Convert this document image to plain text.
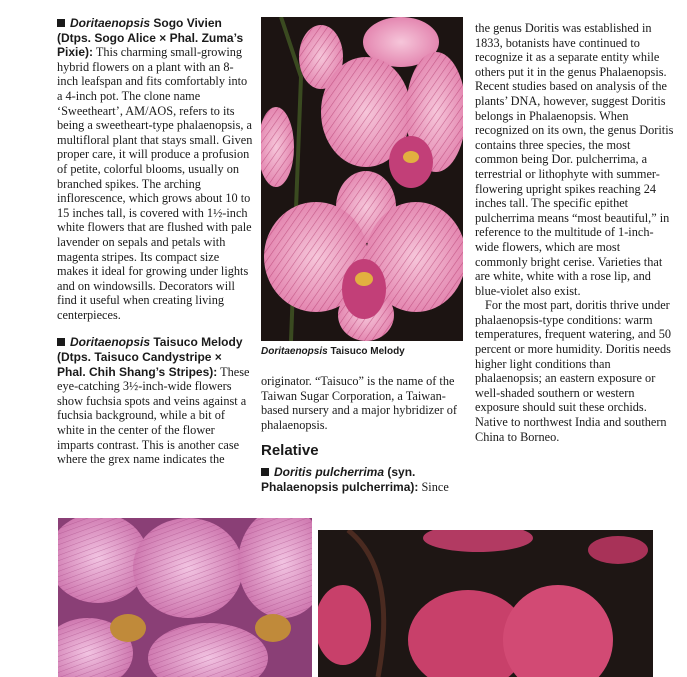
Doritaenopsis Sogo Vivien (Dtps. Sogo Alice × Phal. Zuma’s Pixie): This charming small-growing hybrid flowers on a plant with an 8-inch leafspan and fits comfortably into a 4-inch pot. The clone name ‘Sweetheart’, AM/AOS, refers to its being a sweetheart-type phalaenopsis, a multifloral plant that stays small. Given proper care, it will produce a profusion of petite, colorful blooms, usually on branched spikes. The arching inflorescence, which grows about 10 to 15 inches tall, is covered with 1½-inch white flowers that are flushed with pale lavender on sepals and petals with magenta stripes. Its compact size makes it ideal for growing under lights and on windowsills. Decorators will find it useful when creating living centerpieces.

Doritaenopsis Taisuco Melody (Dtps. Taisuco Candystripe × Phal. Chih Shang’s Stripes): These eye-catching 3½-inch-wide flowers show fuchsia spots and veins against a fuchsia background, while a bit of white in the center of the flower imparts contrast. This is another case where the grex name indicates the

Doritaenopsis Taisuco Melody

originator. “Taisuco” is the name of the Taiwan Sugar Corporation, a Taiwan-based nursery and a major hybridizer of phalaenopsis.

Relative

Doritis pulcherrima (syn. Phalaenopsis pulcherrima): Since

the genus Doritis was established in 1833, botanists have continued to recognize it as a separate entity while others put it in the genus Phalaenopsis. Recent studies based on analysis of the plants’ DNA, however, suggest Doritis belongs in Phalaenopsis. When recognized on its own, the genus Doritis contains three species, the most common being Dor. pulcherrima, a terrestrial or lithophyte with summer-flowering upright spikes reaching 24 inches tall. The specific epithet pulcherrima means “most beautiful,” in reference to the multitude of 1-inch-wide flowers, which are most commonly bright cerise. Varieties that are white, white with a rose lip, and blue-violet also exist.

For the most part, doritis thrive under phalaenopsis-type conditions: warm temperatures, frequent watering, and 50 percent or more humidity. Doritis needs higher light conditions than phalaenopsis; an eastern exposure or well-shaded southern or western exposure should suit these orchids. Native to northwest India and southern China to Borneo.
